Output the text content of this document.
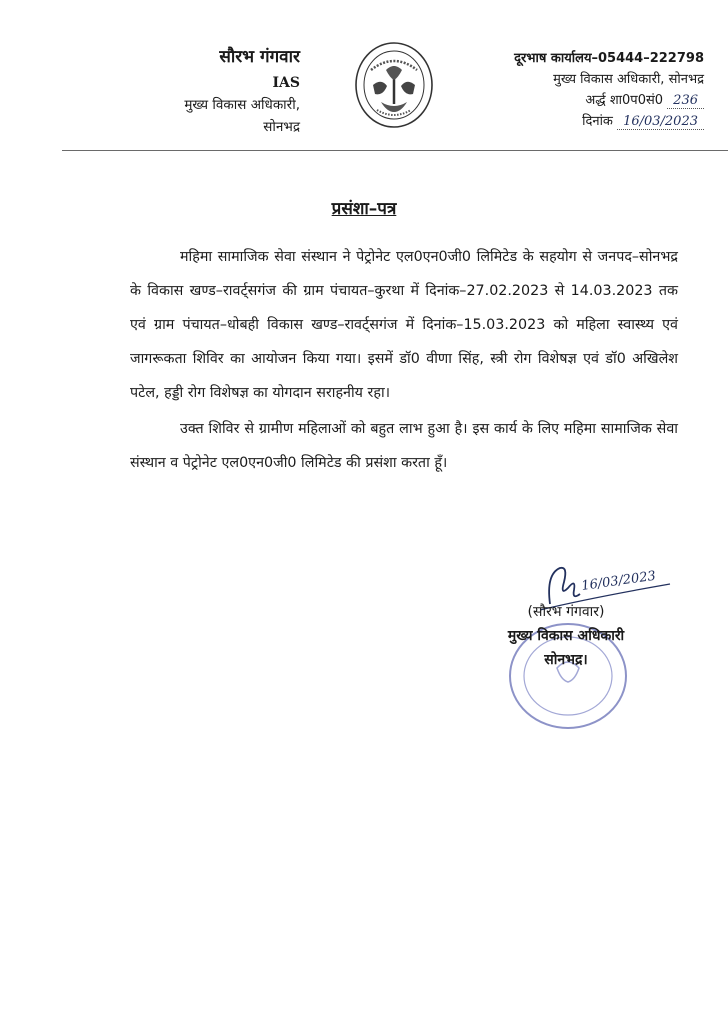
सौरभ गंगवार
IAS
मुख्य विकास अधिकारी,
सोनभद्र
दूरभाष कार्यालय–05444–222798
मुख्य विकास अधिकारी, सोनभद्र
अर्द्ध शा0प0सं0 236
दिनांक 16/03/2023
प्रसंशा–पत्र

महिमा सामाजिक सेवा संस्थान ने पेट्रोनेट एल0एन0जी0 लिमिटेड के सहयोग से जनपद–सोनभद्र के विकास खण्ड–रावर्ट्सगंज की ग्राम पंचायत–कुरथा में दिनांक–27.02.2023 से 14.03.2023 तक एवं ग्राम पंचायत–धोबही विकास खण्ड–रावर्ट्सगंज में दिनांक–15.03.2023 को महिला स्वास्थ्य एवं जागरूकता शिविर का आयोजन किया गया। इसमें डॉ0 वीणा सिंह, स्त्री रोग विशेषज्ञ एवं डॉ0 अखिलेश पटेल, हड्डी रोग विशेषज्ञ का योगदान सराहनीय रहा।

उक्त शिविर से ग्रामीण महिलाओं को बहुत लाभ हुआ है। इस कार्य के लिए महिमा सामाजिक सेवा संस्थान व पेट्रोनेट एल0एन0जी0 लिमिटेड की प्रसंशा करता हूँ।

16/03/2023
(सौरभ गंगवार)
मुख्य विकास अधिकारी
सोनभद्र।
